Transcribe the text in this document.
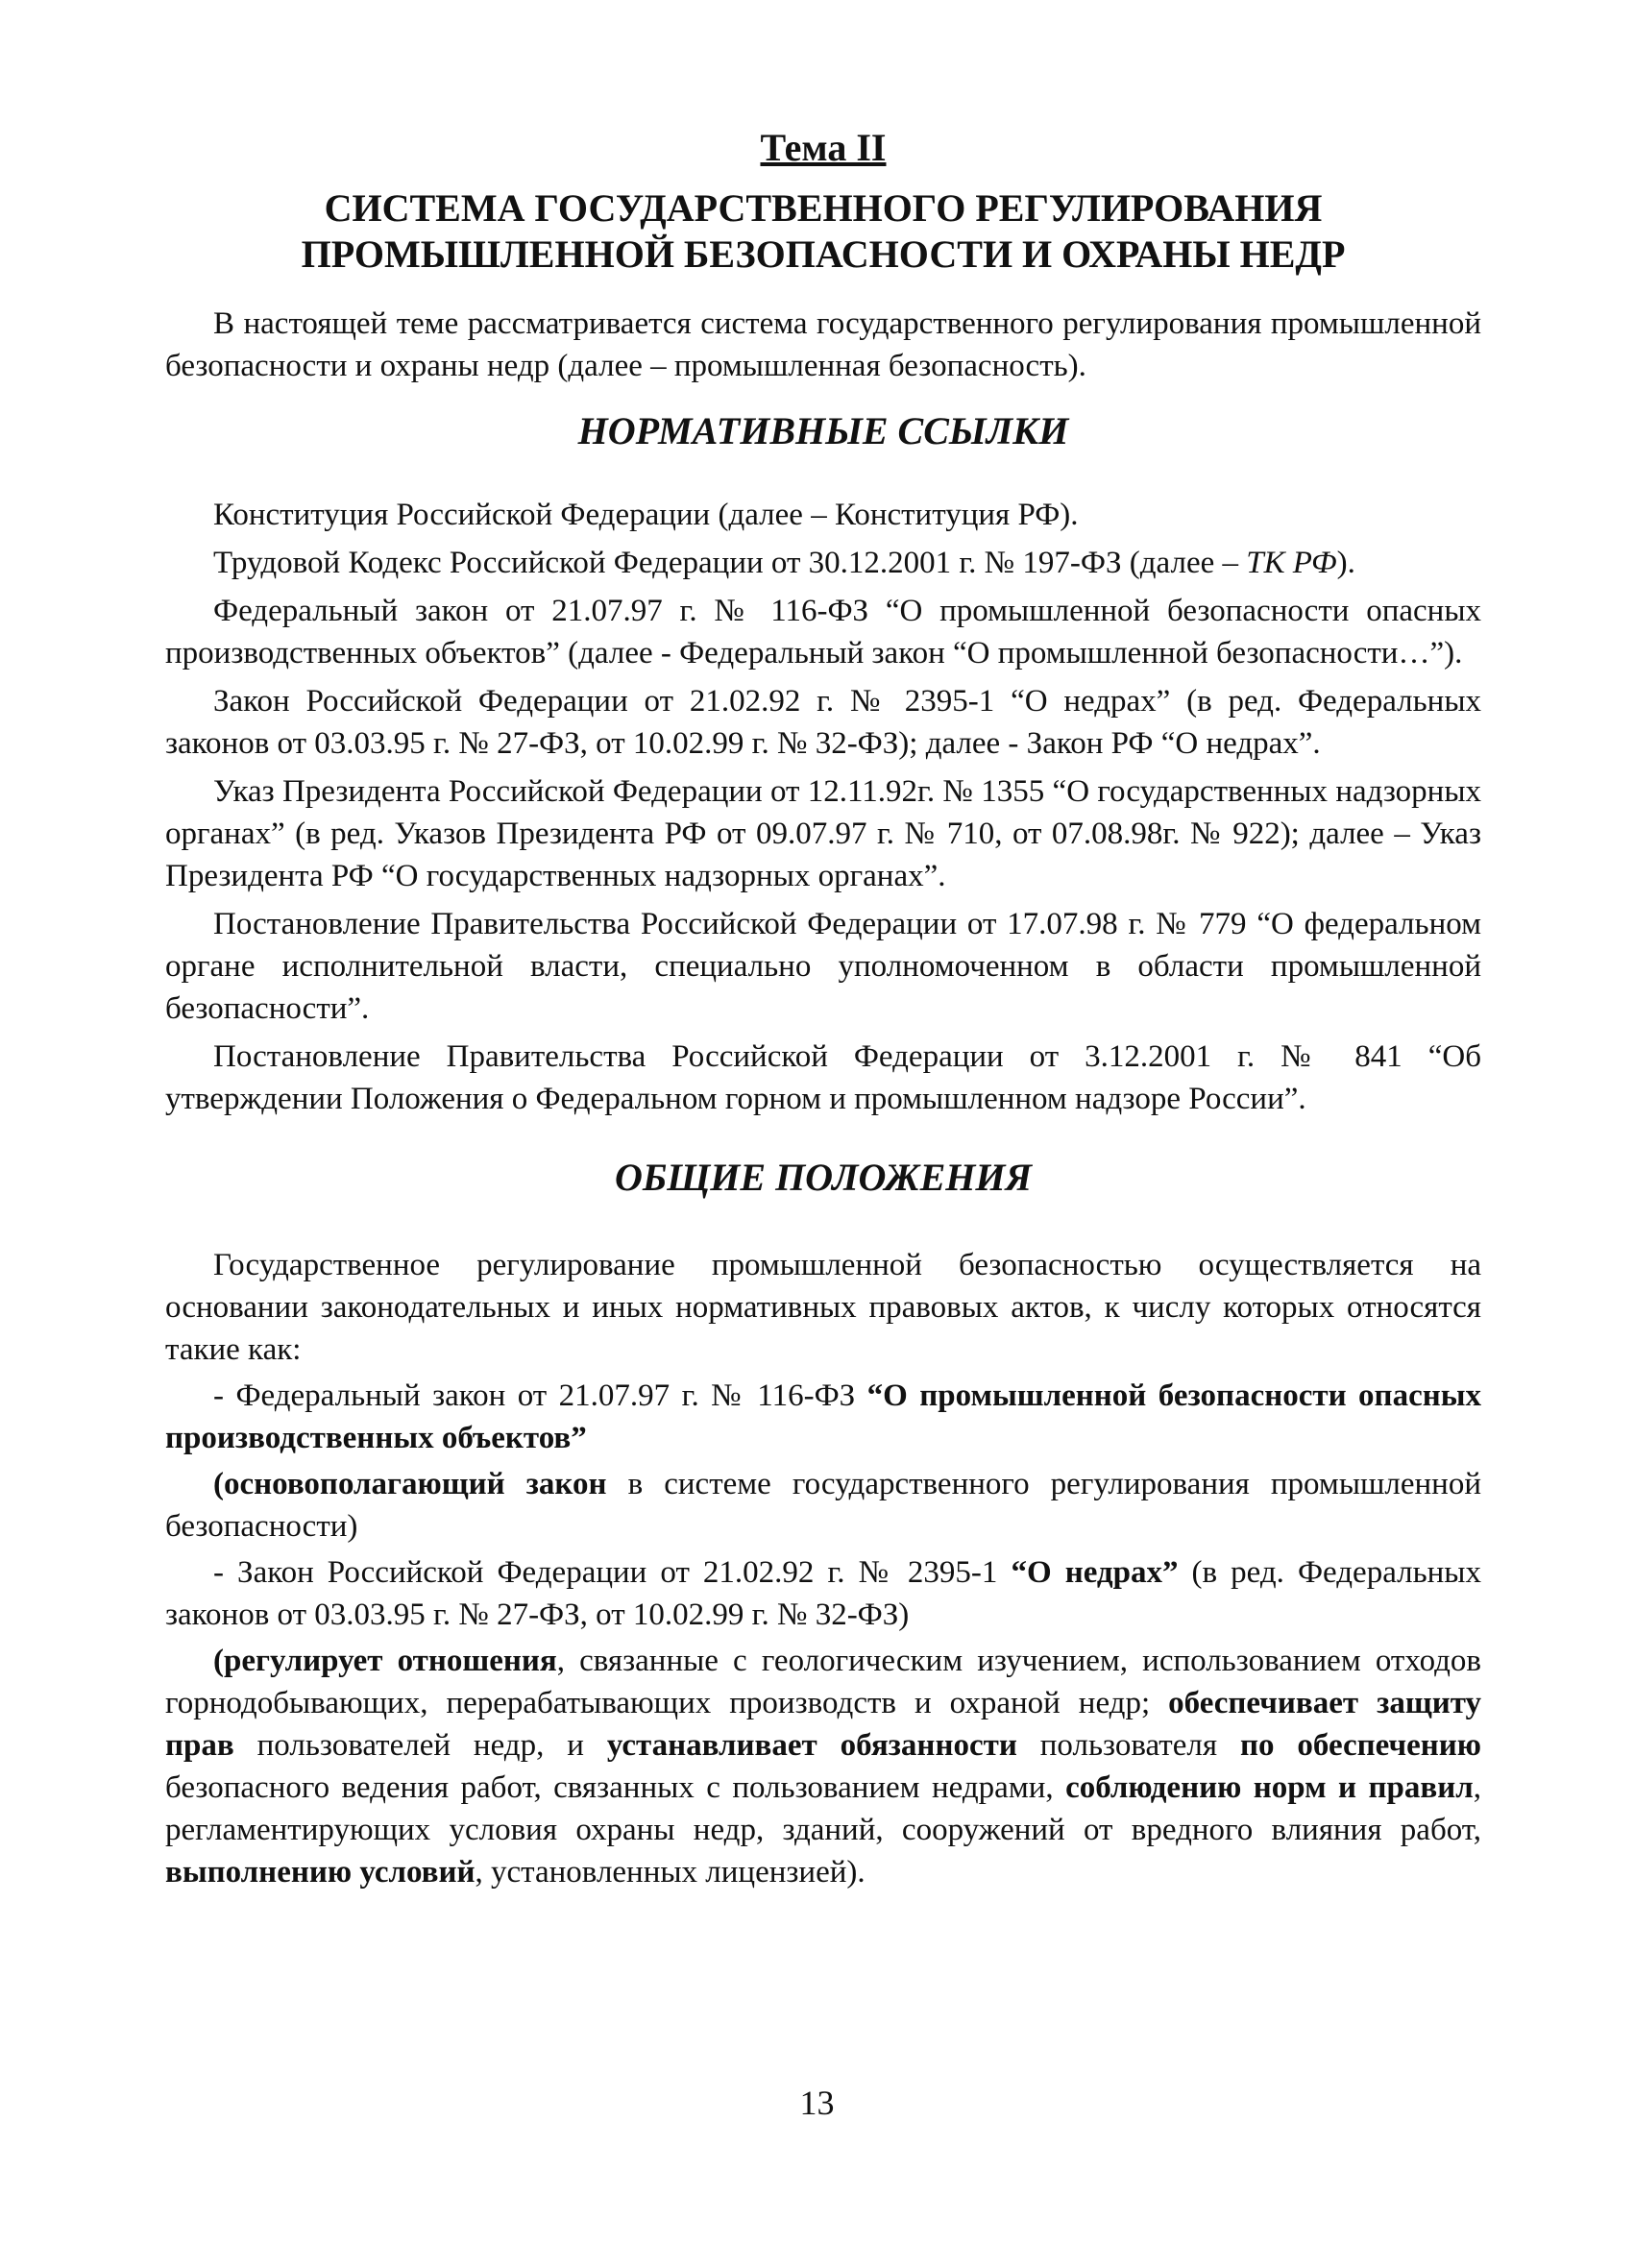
Тема II
СИСТЕМА ГОСУДАРСТВЕННОГО РЕГУЛИРОВАНИЯ
ПРОМЫШЛЕННОЙ БЕЗОПАСНОСТИ И ОХРАНЫ НЕДР

В настоящей теме рассматривается система государственного регулирования промышленной безопасности и охраны недр (далее – промышленная безопасность).

НОРМАТИВНЫЕ ССЫЛКИ

Конституция Российской Федерации (далее – Конституция РФ).

Трудовой Кодекс Российской Федерации от 30.12.2001 г. № 197-ФЗ (далее – ТК РФ).

Федеральный закон от 21.07.97 г. № 116-ФЗ “О промышленной безопасности опасных производственных объектов” (далее - Федеральный закон “О промышленной безопасности…”).

Закон Российской Федерации от 21.02.92 г. № 2395-1 “О недрах” (в ред. Федеральных законов от 03.03.95 г. № 27-ФЗ, от 10.02.99 г. № 32-ФЗ); далее - Закон РФ “О недрах”.

Указ Президента Российской Федерации от 12.11.92г. № 1355 “О государственных надзорных органах” (в ред. Указов Президента РФ от 09.07.97 г. № 710, от 07.08.98г. № 922); далее – Указ Президента РФ “О государственных надзорных органах”.

Постановление Правительства Российской Федерации от 17.07.98 г. № 779 “О федеральном органе исполнительной власти, специально уполномоченном в области промышленной безопасности”.

Постановление Правительства Российской Федерации от 3.12.2001 г. № 841 “Об утверждении Положения о Федеральном горном и промышленном надзоре России”.

ОБЩИЕ ПОЛОЖЕНИЯ

Государственное регулирование промышленной безопасностью осуществляется на основании законодательных и иных нормативных правовых актов, к числу которых относятся такие как:

- Федеральный закон от 21.07.97 г. № 116-ФЗ “О промышленной безопасности опасных производственных объектов”

(основополагающий закон в системе государственного регулирования промышленной безопасности)

- Закон Российской Федерации от 21.02.92 г. № 2395-1 “О недрах” (в ред. Федеральных законов от 03.03.95 г. № 27-ФЗ, от 10.02.99 г. № 32-ФЗ)

(регулирует отношения, связанные с геологическим изучением, использованием отходов горнодобывающих, перерабатывающих производств и охраной недр; обеспечивает защиту прав пользователей недр, и устанавливает обязанности пользователя по обеспечению безопасного ведения работ, связанных с пользованием недрами, соблюдению норм и правил, регламентирующих условия охраны недр, зданий, сооружений от вредного влияния работ, выполнению условий, установленных лицензией).

13
